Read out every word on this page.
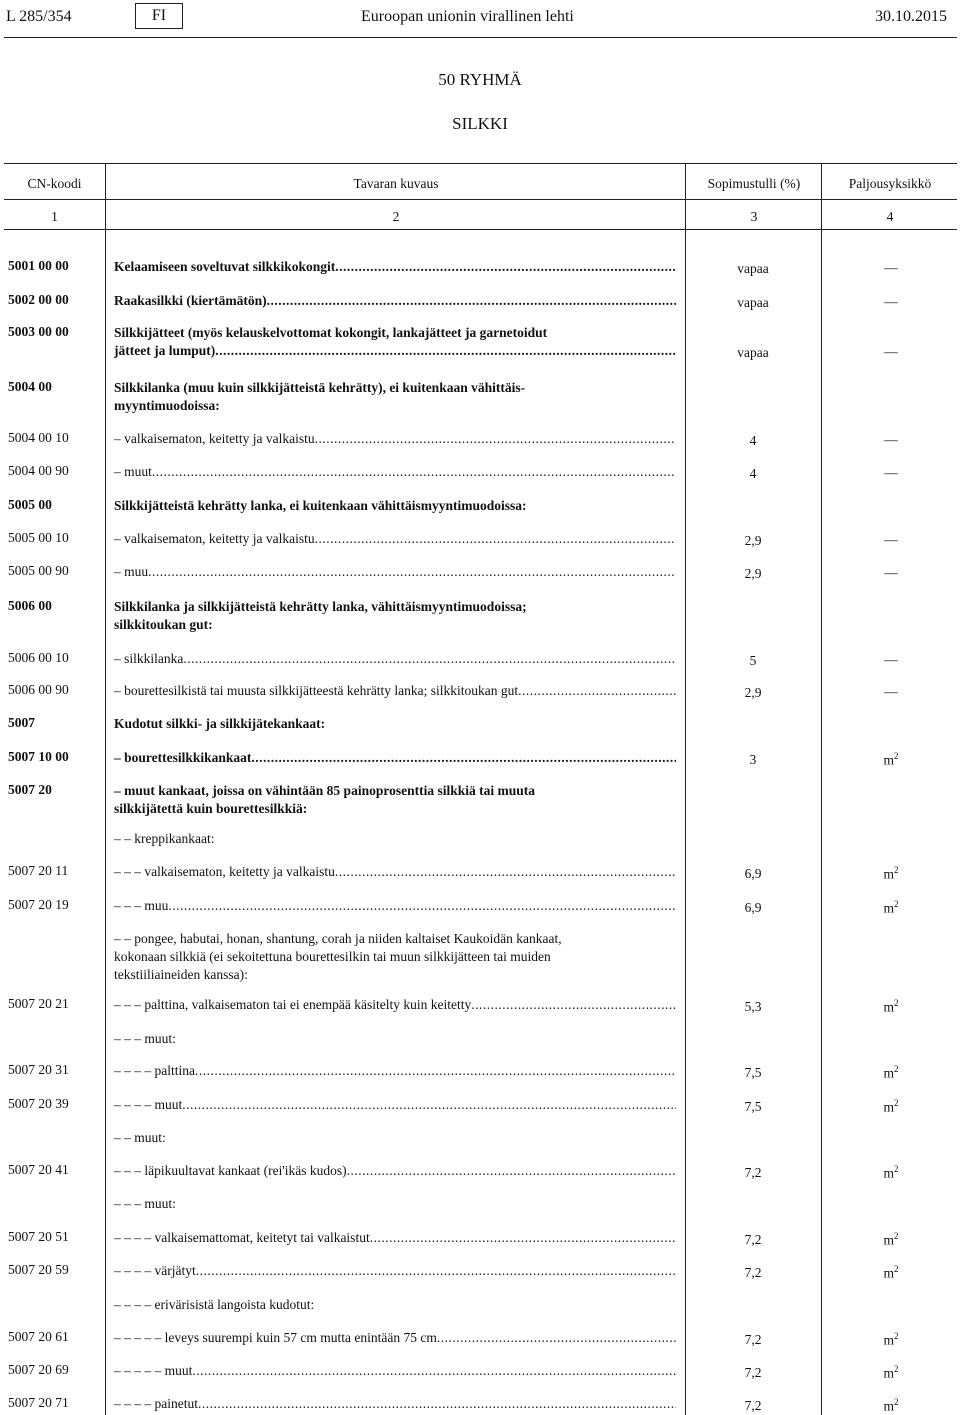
L 285/354	FI	Euroopan unionin virallinen lehti	30.10.2015
50 RYHMÄ
SILKKI
CN-koodi	Tavaran kuvaus	Sopimustulli (%)	Paljousyksikkö
1	2	3	4
5001 00 00	Kelaamiseen soveltuvat silkkikokongit .....	vapaa	—
5002 00 00	Raakasilkki (kiertämätön) .....	vapaa	—
5003 00 00	Silkkijätteet (myös kelauskelvottomat kokongit, lankajätteet ja garnetoidut
jätteet ja lumput) .....	vapaa	—
5004 00	Silkkilanka (muu kuin silkkijätteistä kehrätty), ei kuitenkaan vähittäis-
myyntimuodoissa:
5004 00 10	– valkaisematon, keitetty ja valkaistu .....	4	—
5004 00 90	– muut .....	4	—
5005 00	Silkkijätteistä kehrätty lanka, ei kuitenkaan vähittäismyyntimuodoissa:
5005 00 10	– valkaisematon, keitetty ja valkaistu .....	2,9	—
5005 00 90	– muu .....	2,9	—
5006 00	Silkkilanka ja silkkijätteistä kehrätty lanka, vähittäismyyntimuodoissa;
silkkitoukan gut:
5006 00 10	– silkkilanka .....	5	—
5006 00 90	– bourettesilkistä tai muusta silkkijätteestä kehrätty lanka; silkkitoukan gut .....	2,9	—
5007	Kudotut silkki- ja silkkijätekankaat:
5007 10 00	– bourettesilkkikankaat .....	3	$m^2$
5007 20	– muut kankaat, joissa on vähintään 85 painoprosenttia silkkiä tai muuta
silkkijätettä kuin bourettesilkkiä:
– – kreppikankaat:
5007 20 11	– – – valkaisematon, keitetty ja valkaistu .....	6,9	$m^2$
5007 20 19	– – – muu .....	6,9	$m^2$
– – pongee, habutai, honan, shantung, corah ja niiden kaltaiset Kaukoidän kankaat,
kokonaan silkkiä (ei sekoitettuna bourettesilkin tai muun silkkijätteen tai muiden
tekstiiliaineiden kanssa):
5007 20 21	– – – palttina, valkaisematon tai ei enempää käsitelty kuin keitetty .....	5,3	$m^2$
– – – muut:
5007 20 31	– – – – palttina .....	7,5	$m^2$
5007 20 39	– – – – muut .....	7,5	$m^2$
– – muut:
5007 20 41	– – – läpikuultavat kankaat (rei'ikäs kudos) .....	7,2	$m^2$
– – – muut:
5007 20 51	– – – – valkaisemattomat, keitetyt tai valkaistut .....	7,2	$m^2$
5007 20 59	– – – – värjätyt .....	7,2	$m^2$
– – – – erivärisistä langoista kudotut:
5007 20 61	– – – – – leveys suurempi kuin 57 cm mutta enintään 75 cm .....	7,2	$m^2$
5007 20 69	– – – – – muut .....	7,2	$m^2$
5007 20 71	– – – – painetut .....	7,2	$m^2$
